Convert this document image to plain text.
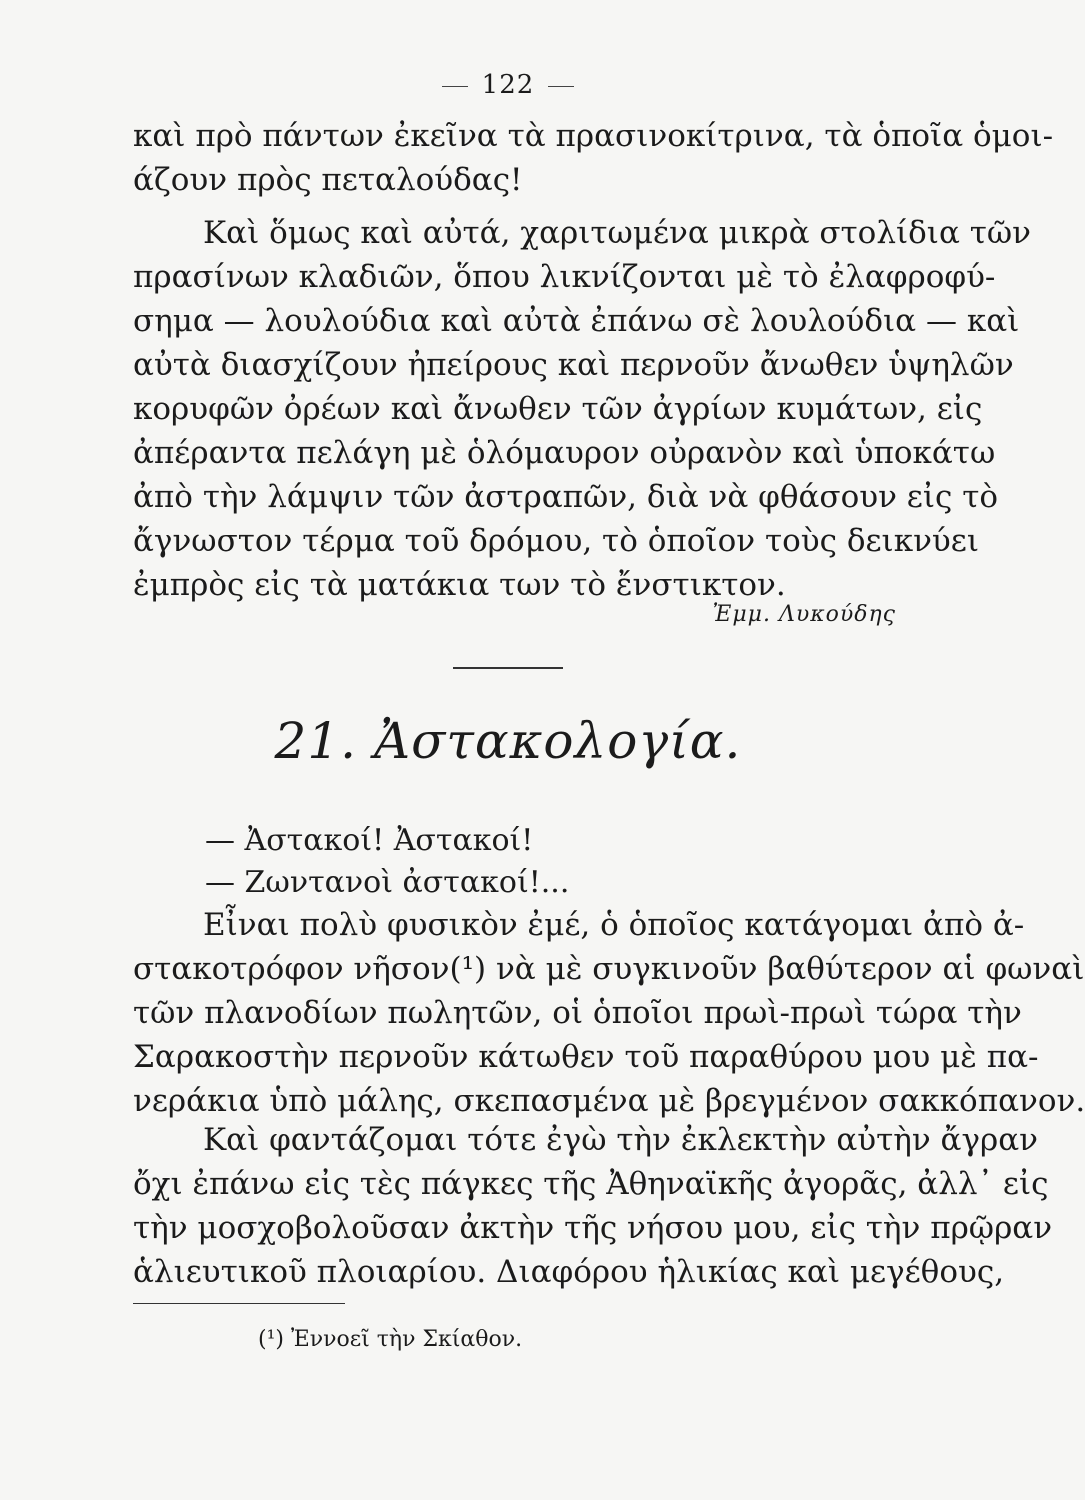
122
καὶ πρὸ πάντων ἐκεῖνα τὰ πρασινοκίτρινα, τὰ ὁποῖα ὁμοι-
άζουν πρὸς πεταλούδας!
Καὶ ὅμως καὶ αὐτά, χαριτωμένα μικρὰ στολίδια τῶν
πρασίνων κλαδιῶν, ὅπου λικνίζονται μὲ τὸ ἐλαφροφύ-
σημα — λουλούδια καὶ αὐτὰ ἐπάνω σὲ λουλούδια — καὶ
αὐτὰ διασχίζουν ἠπείρους καὶ περνοῦν ἄνωθεν ὑψηλῶν
κορυφῶν ὀρέων καὶ ἄνωθεν τῶν ἀγρίων κυμάτων, εἰς
ἀπέραντα πελάγη μὲ ὁλόμαυρον οὐρανὸν καὶ ὑποκάτω
ἀπὸ τὴν λάμψιν τῶν ἀστραπῶν, διὰ νὰ φθάσουν εἰς τὸ
ἄγνωστον τέρμα τοῦ δρόμου, τὸ ὁποῖον τοὺς δεικνύει
ἐμπρὸς εἰς τὰ ματάκια των τὸ ἔνστικτον.
Ἐμμ. Λυκούδης
21. Ἀστακολογία.
— Ἀστακοί! Ἀστακοί!
— Ζωντανοὶ ἀστακοί!...
Εἶναι πολὺ φυσικὸν ἐμέ, ὁ ὁποῖος κατάγομαι ἀπὸ ἀ-
στακοτρόφον νῆσον(¹) νὰ μὲ συγκινοῦν βαθύτερον αἱ φωναὶ
τῶν πλανοδίων πωλητῶν, οἱ ὁποῖοι πρωὶ-πρωὶ τώρα τὴν
Σαρακοστὴν περνοῦν κάτωθεν τοῦ παραθύρου μου μὲ πα-
νεράκια ὑπὸ μάλης, σκεπασμένα μὲ βρεγμένον σακκόπανον.
Καὶ φαντάζομαι τότε ἐγὼ τὴν ἐκλεκτὴν αὐτὴν ἄγραν
ὄχι ἐπάνω εἰς τὲς πάγκες τῆς Ἀθηναϊκῆς ἀγορᾶς, ἀλλ᾽ εἰς
τὴν μοσχοβολοῦσαν ἀκτὴν τῆς νήσου μου, εἰς τὴν πρῷραν
ἁλιευτικοῦ πλοιαρίου. Διαφόρου ἡλικίας καὶ μεγέθους,
(¹) Ἐννοεῖ τὴν Σκίαθον.
